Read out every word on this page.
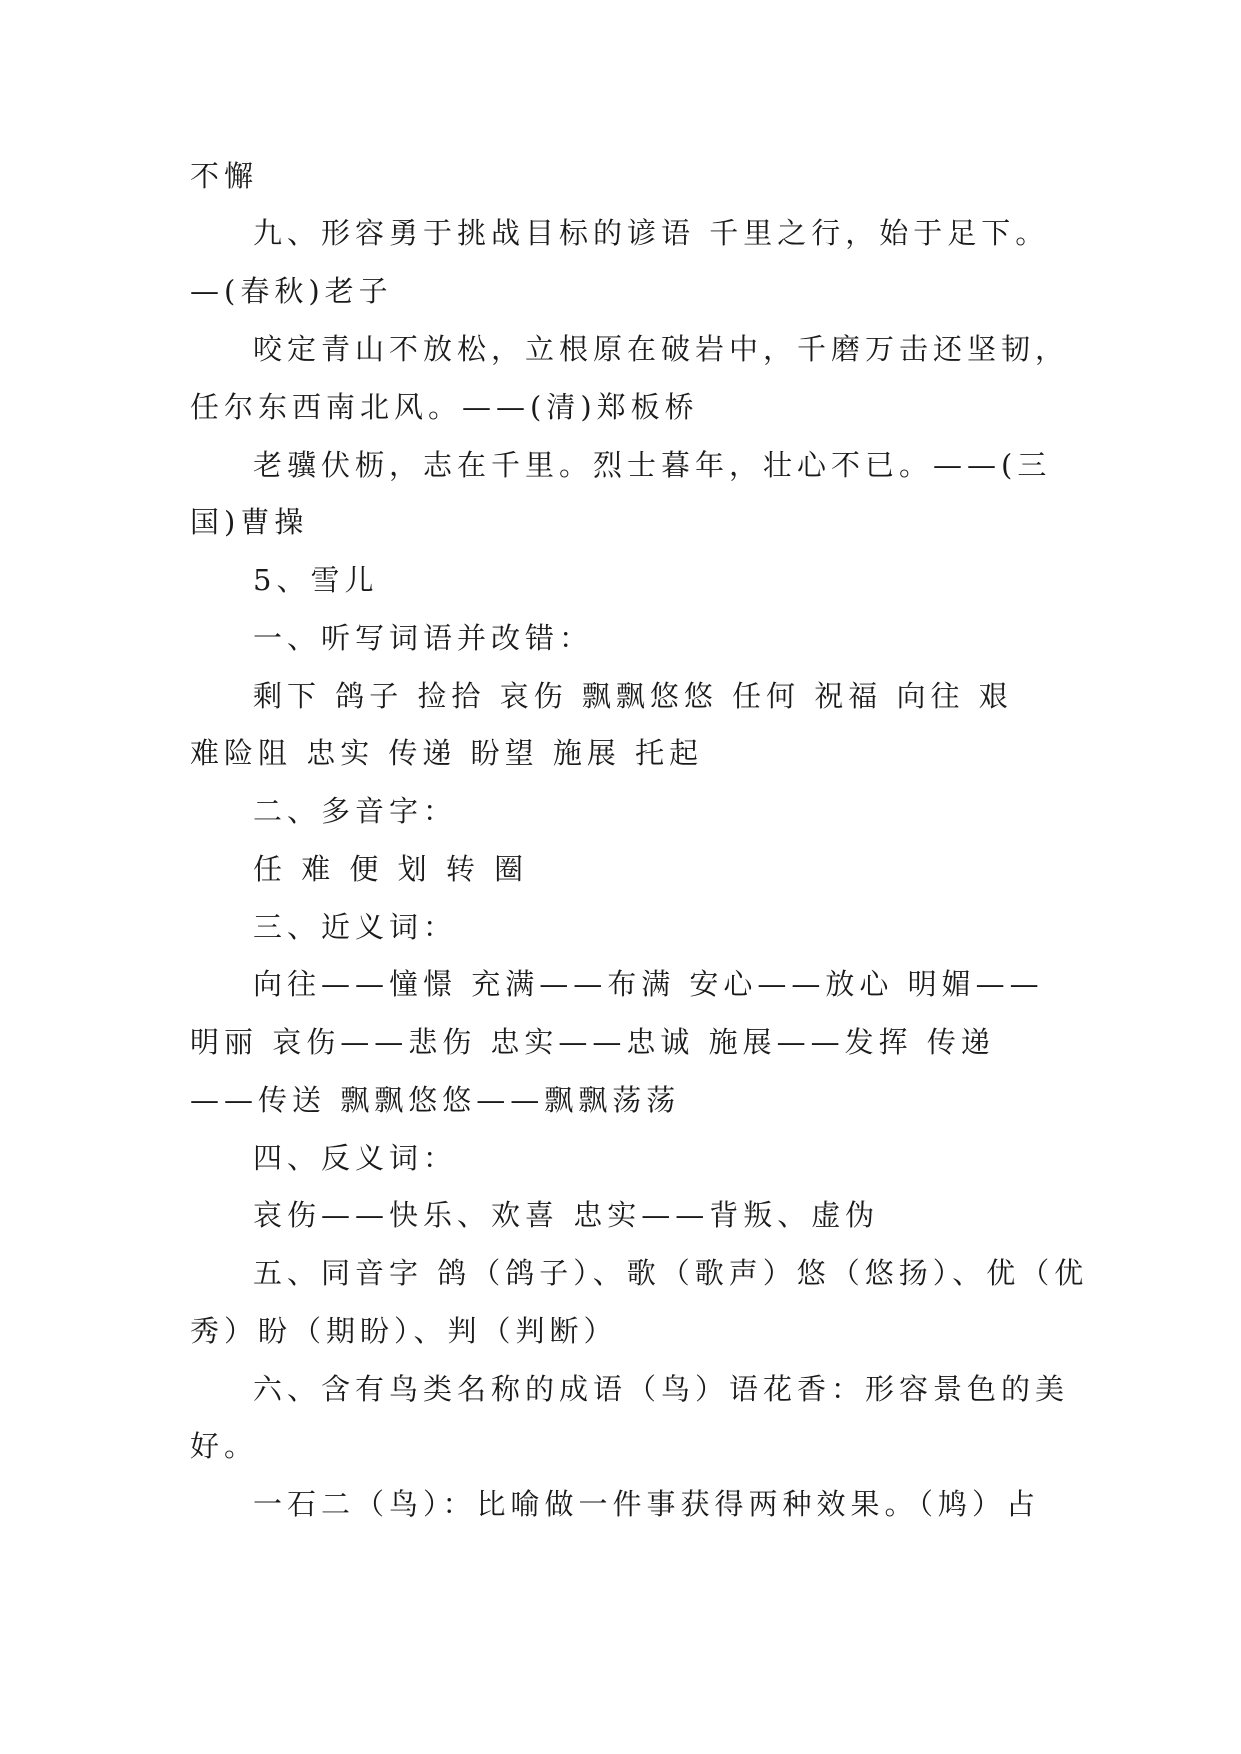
不懈
九、形容勇于挑战目标的谚语 千里之行，始于足下。
—(春秋)老子
咬定青山不放松，立根原在破岩中，千磨万击还坚韧，
任尔东西南北风。——(清)郑板桥
老骥伏枥，志在千里。烈士暮年，壮心不已。——(三
国)曹操
5、雪儿
一、听写词语并改错：
剩下 鸽子 捡拾 哀伤 飘飘悠悠 任何 祝福 向往 艰
难险阻 忠实 传递 盼望 施展 托起
二、多音字：
任 难 便 划 转 圈
三、近义词：
向往——憧憬 充满——布满 安心——放心 明媚——
明丽 哀伤——悲伤 忠实——忠诚 施展——发挥 传递
——传送 飘飘悠悠——飘飘荡荡
四、反义词：
哀伤——快乐、欢喜 忠实——背叛、虚伪
五、同音字 鸽（鸽子）、歌（歌声）悠（悠扬）、优（优
秀）盼（期盼）、判（判断）
六、含有鸟类名称的成语（鸟）语花香：形容景色的美
好。
一石二（鸟）：比喻做一件事获得两种效果。（鸠）占
